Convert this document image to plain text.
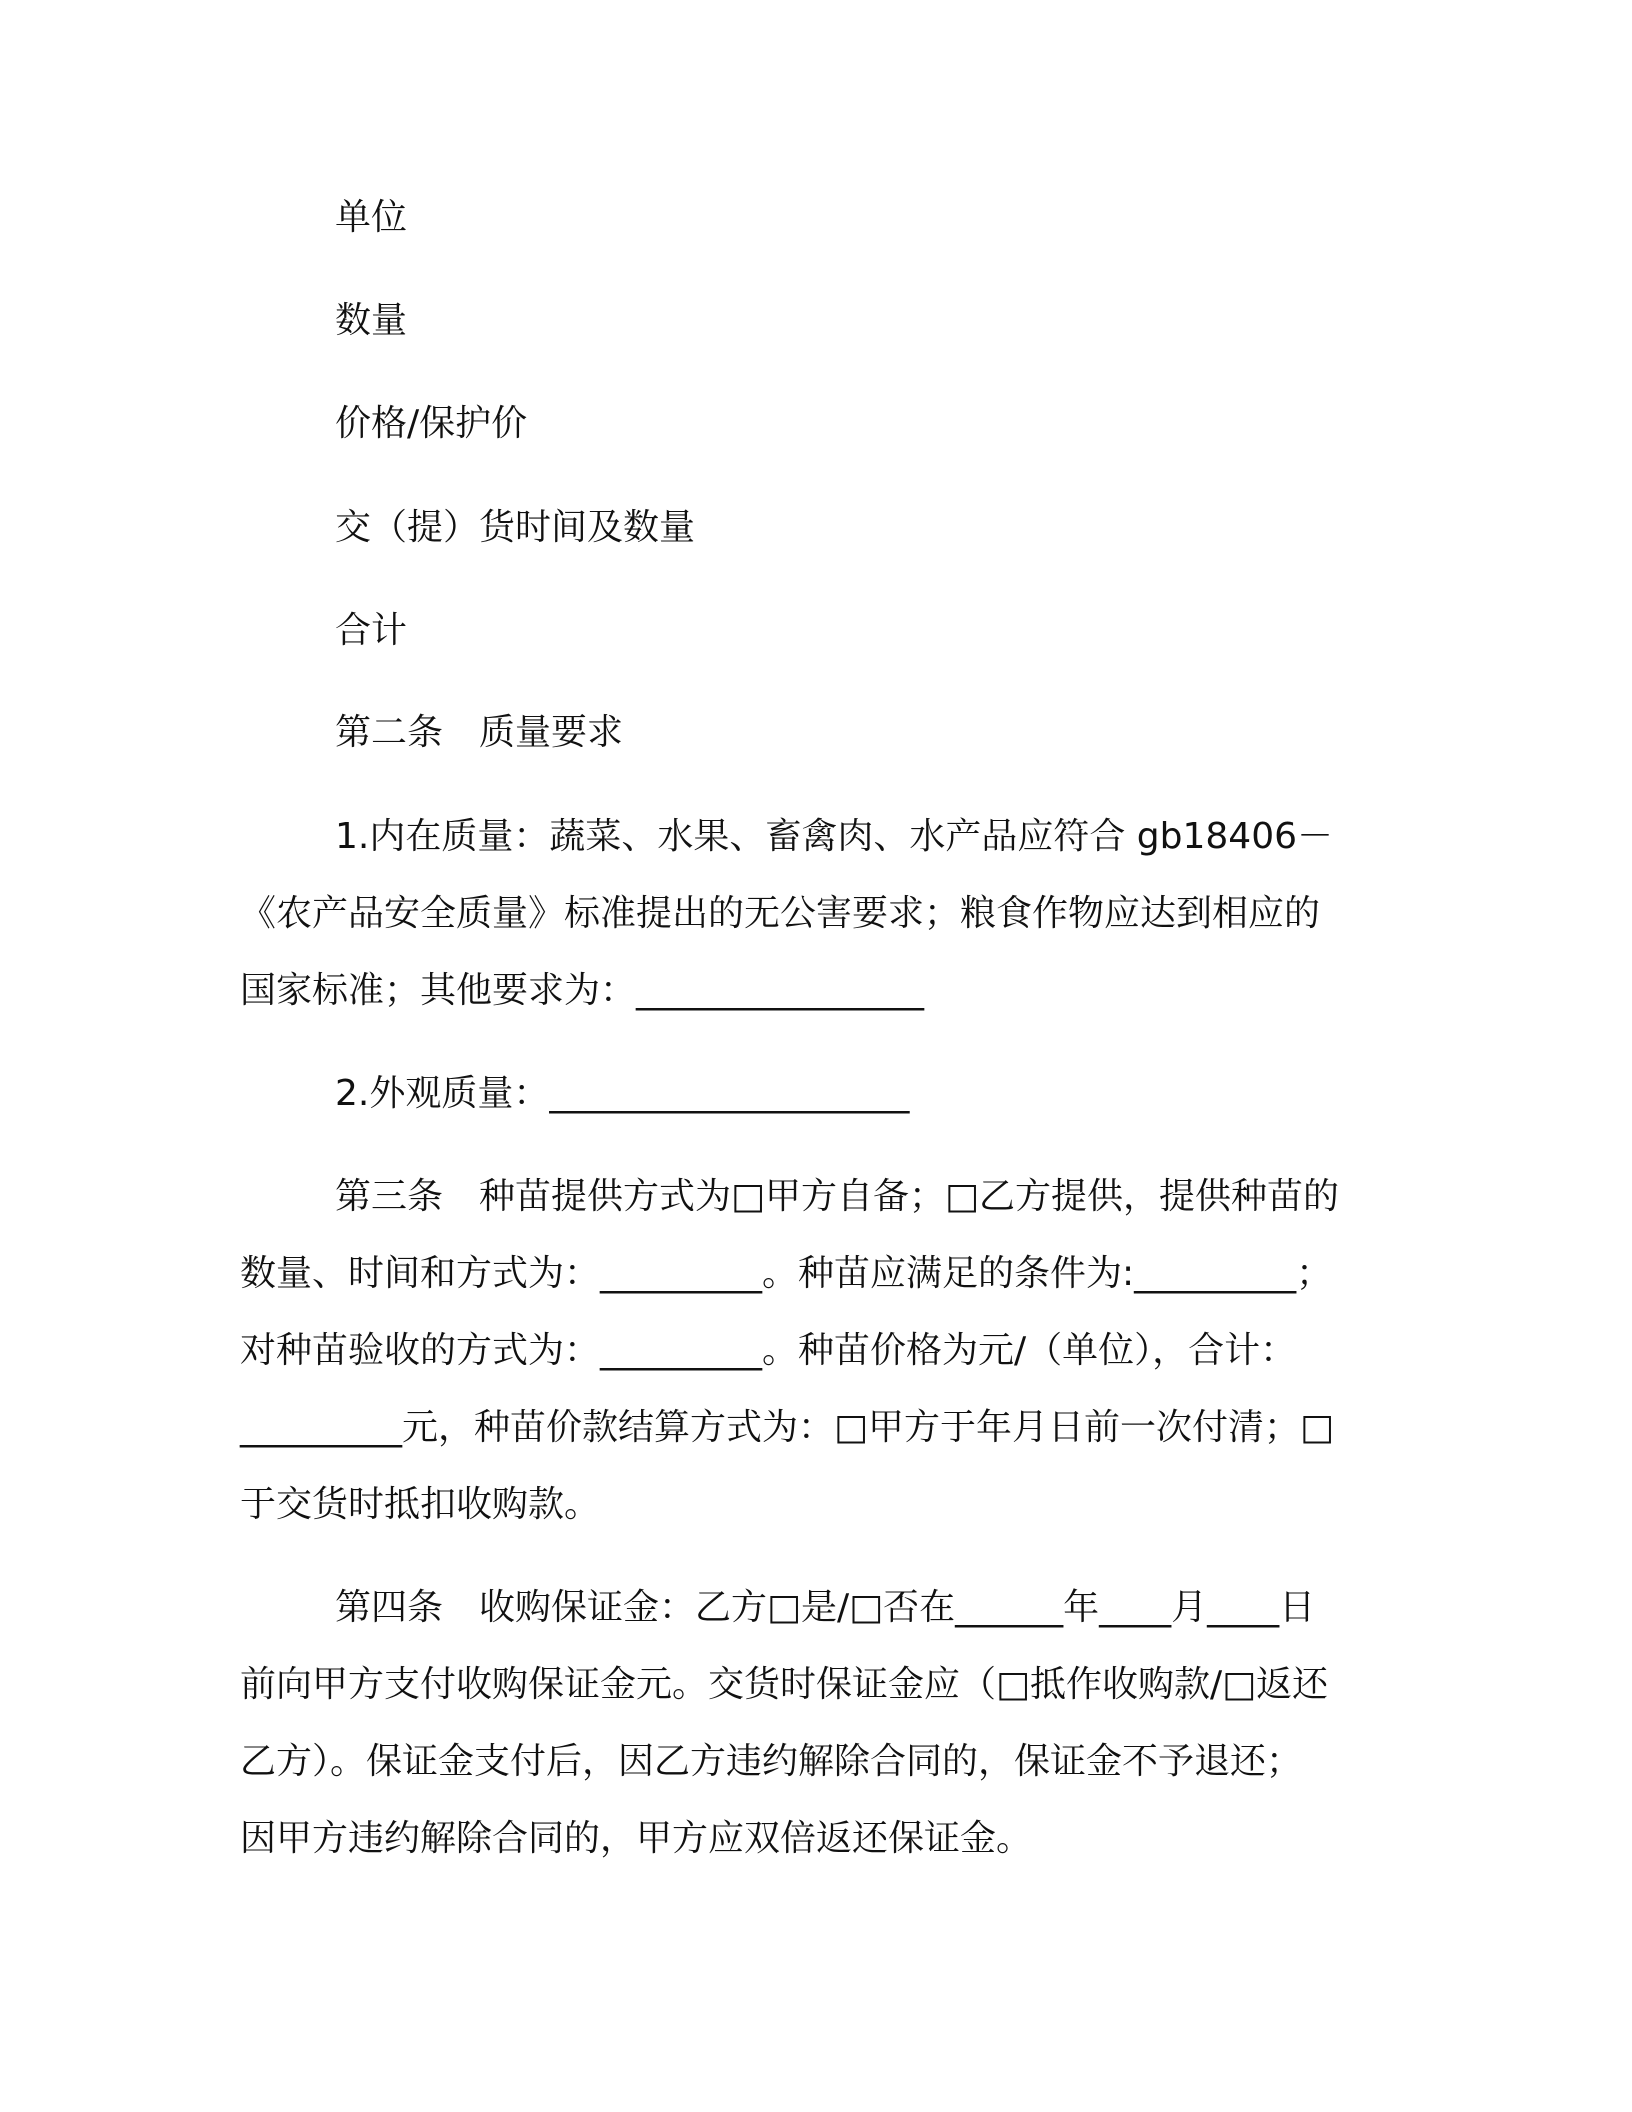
单位
数量
价格/保护价
交（提）货时间及数量
合计
第二条　质量要求
1.内在质量：蔬菜、水果、畜禽肉、水产品应符合 gb18406－
《农产品安全质量》标准提出的无公害要求；粮食作物应达到相应的
国家标准；其他要求为：________________
2.外观质量：____________________
第三条　种苗提供方式为□甲方自备；□乙方提供，提供种苗的
数量、时间和方式为：_________。种苗应满足的条件为:_________；
对种苗验收的方式为：_________。种苗价格为元/（单位），合计：
_________元，种苗价款结算方式为：□甲方于年月日前一次付清；□
于交货时抵扣收购款。
第四条　收购保证金：乙方□是/□否在______年____月____日
前向甲方支付收购保证金元。交货时保证金应（□抵作收购款/□返还
乙方）。保证金支付后，因乙方违约解除合同的，保证金不予退还；
因甲方违约解除合同的，甲方应双倍返还保证金。
